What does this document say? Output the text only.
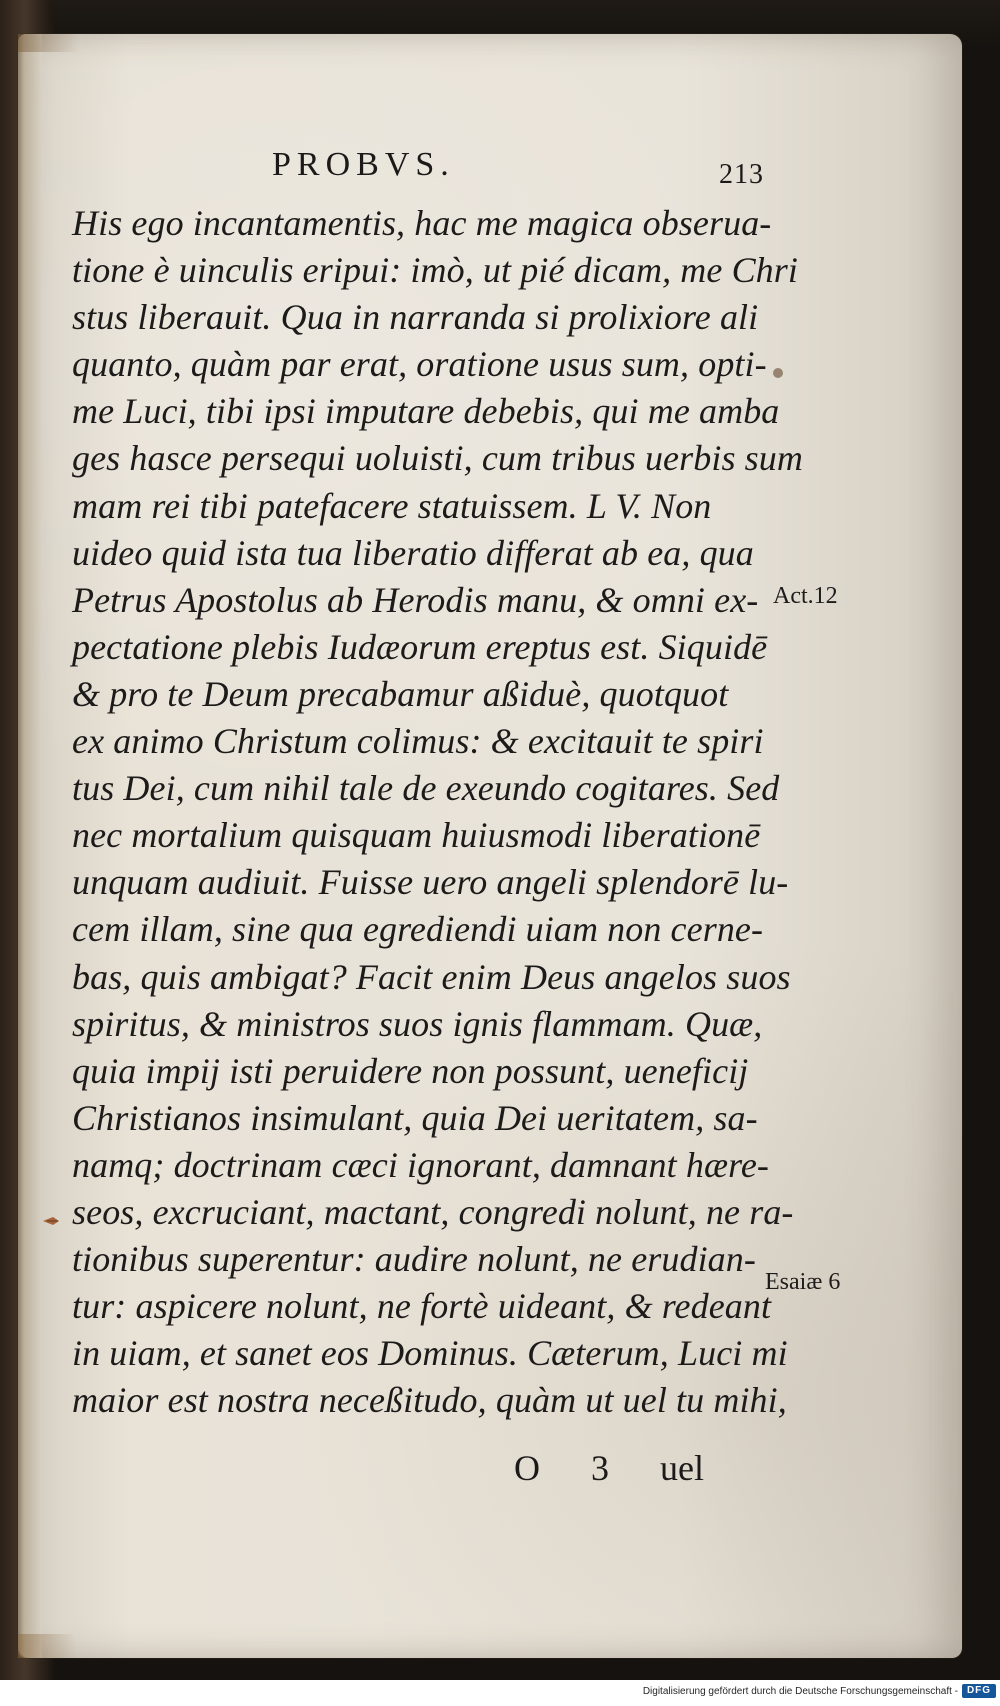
PROBVS.	213
His ego incantamentis, hac me magica obserua-
tione è uinculis eripui: imò, ut pié dicam, me Chri
stus liberauit. Qua in narranda si prolixiore ali
quanto, quàm par erat, oratione usus sum, opti-
me Luci, tibi ipsi imputare debebis, qui me amba
ges hasce persequi uoluisti, cum tribus uerbis sum
mam rei tibi patefacere statuissem. L V. Non
uideo quid ista tua liberatio differat ab ea, qua
Petrus Apostolus ab Herodis manu, & omni ex-
pectatione plebis Iudæorum ereptus est. Siquidē
& pro te Deum precabamur aßiduè, quotquot
ex animo Christum colimus: & excitauit te spiri
tus Dei, cum nihil tale de exeundo cogitares. Sed
nec mortalium quisquam huiusmodi liberationē
unquam audiuit. Fuisse uero angeli splendorē lu-
cem illam, sine qua egrediendi uiam non cerne-
bas, quis ambigat? Facit enim Deus angelos suos
spiritus, & ministros suos ignis flammam. Quæ,
quia impij isti peruidere non possunt, ueneficij
Christianos insimulant, quia Dei ueritatem, sa-
namq; doctrinam cæci ignorant, damnant hære-
seos, excruciant, mactant, congredi nolunt, ne ra-
tionibus superentur: audire nolunt, ne erudian-
tur: aspicere nolunt, ne fortè uideant, & redeant
in uiam, et sanet eos Dominus. Cæterum, Luci mi
maior est nostra neceßitudo, quàm ut uel tu mihi,
Act.12
Esaiæ 6
O 3 uel
Digitalisierung gefördert durch die Deutsche Forschungsgemeinschaft - DFG
